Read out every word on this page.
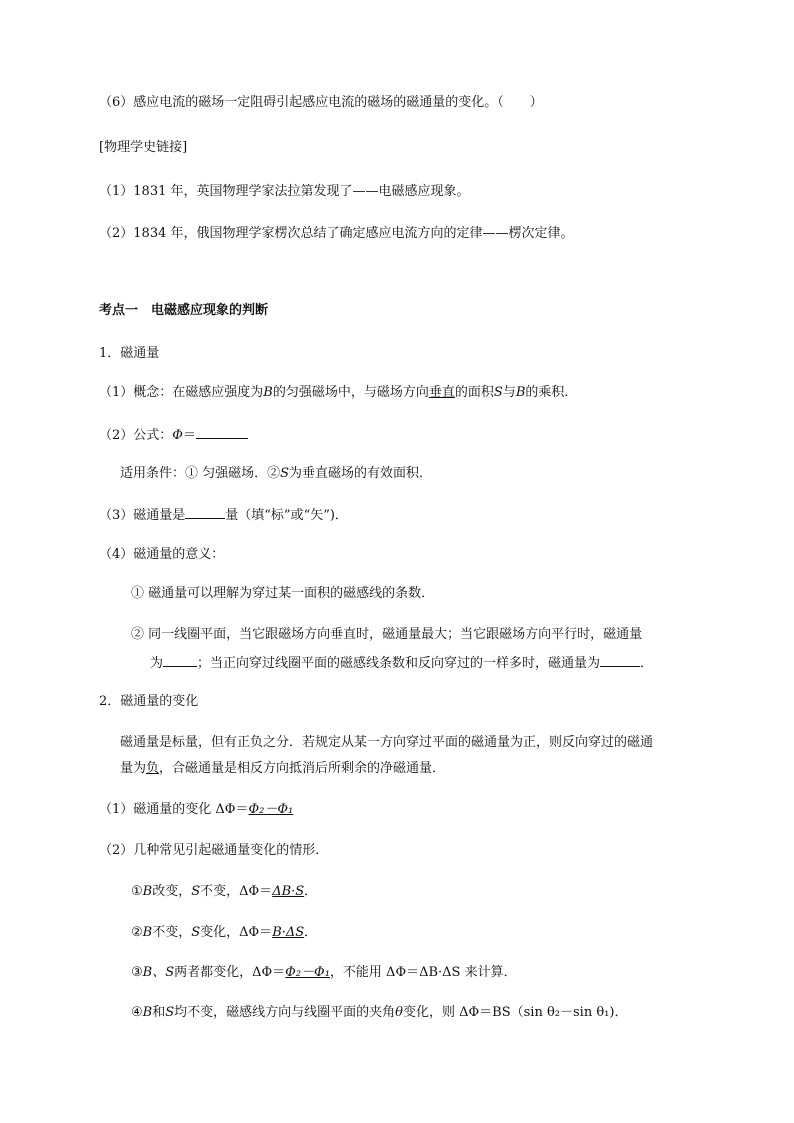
（6）感应电流的磁场一定阻碍引起感应电流的磁场的磁通量的变化。（　　）
[物理学史链接]
（1）1831 年，英国物理学家法拉第发现了——电磁感应现象。
（2）1834 年，俄国物理学家楞次总结了确定感应电流方向的定律——楞次定律。
考点一　电磁感应现象的判断
1．磁通量
（1）概念：在磁感应强度为B的匀强磁场中，与磁场方向垂直的面积S与B的乘积．
（2）公式：Φ＝
适用条件：① 匀强磁场．②S为垂直磁场的有效面积．
（3）磁通量是	量（填“标”或“矢”)．
（4）磁通量的意义：
① 磁通量可以理解为穿过某一面积的磁感线的条数．
② 同一线圈平面，当它跟磁场方向垂直时，磁通量最大；当它跟磁场方向平行时，磁通量
为	；当正向穿过线圈平面的磁感线条数和反向穿过的一样多时，磁通量为	．
2．磁通量的变化
磁通量是标量，但有正负之分．若规定从某一方向穿过平面的磁通量为正，则反向穿过的磁通
量为负，合磁通量是相反方向抵消后所剩余的净磁通量．
（1）磁通量的变化 ΔΦ＝Φ₂－Φ₁
（2）几种常见引起磁通量变化的情形．
①B改变，S不变，ΔΦ＝ΔB·S．
②B不变，S变化，ΔΦ＝B·ΔS．
③B、S两者都变化，ΔΦ＝Φ₂－Φ₁，不能用 ΔΦ＝ΔB·ΔS 来计算．
④B和S均不变，磁感线方向与线圈平面的夹角θ变化，则 ΔΦ＝BS（sin θ₂－sin θ₁)．
